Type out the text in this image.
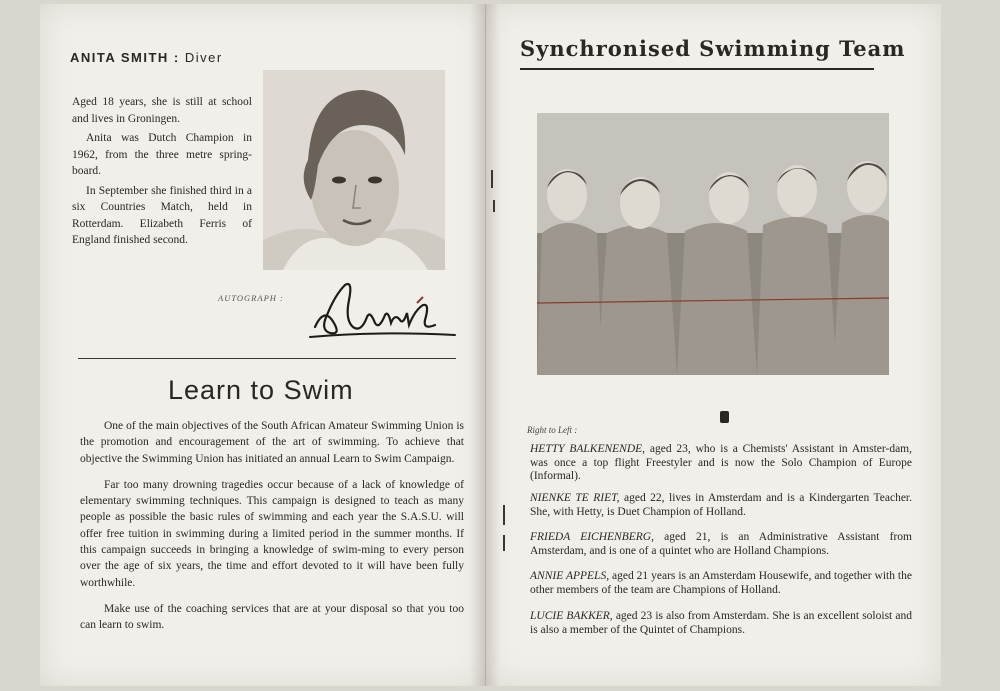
ANITA SMITH : Diver

Aged 18 years, she is still at school and lives in Groningen.

Anita was Dutch Champion in 1962, from the three metre spring-board.

In September she finished third in a six Countries Match, held in Rotterdam. Elizabeth Ferris of England finished second.

AUTOGRAPH :
Learn to Swim

One of the main objectives of the South African Amateur Swimming Union is the promotion and encouragement of the art of swimming. To achieve that objective the Swimming Union has initiated an annual Learn to Swim Campaign.

Far too many drowning tragedies occur because of a lack of knowledge of elementary swimming techniques. This campaign is designed to teach as many people as possible the basic rules of swimming and each year the S.A.S.U. will offer free tuition in swimming during a limited period in the summer months. If this campaign succeeds in bringing a knowledge of swim-ming to every person over the age of six years, the time and effort devoted to it will have been fully worthwhile.

Make use of the coaching services that are at your disposal so that you too can learn to swim.

Synchronised Swimming Team
Right to Left :
HETTY BALKENENDE, aged 23, who is a Chemists' Assistant in Amster-dam, was once a top flight Freestyler and is now the Solo Champion of Europe (Informal).
NIENKE TE RIET, aged 22, lives in Amsterdam and is a Kindergarten Teacher. She, with Hetty, is Duet Champion of Holland.
FRIEDA EICHENBERG, aged 21, is an Administrative Assistant from Amsterdam, and is one of a quintet who are Holland Champions.
ANNIE APPELS, aged 21 years is an Amsterdam Housewife, and together with the other members of the team are Champions of Holland.
LUCIE BAKKER, aged 23 is also from Amsterdam. She is an excellent soloist and is also a member of the Quintet of Champions.
